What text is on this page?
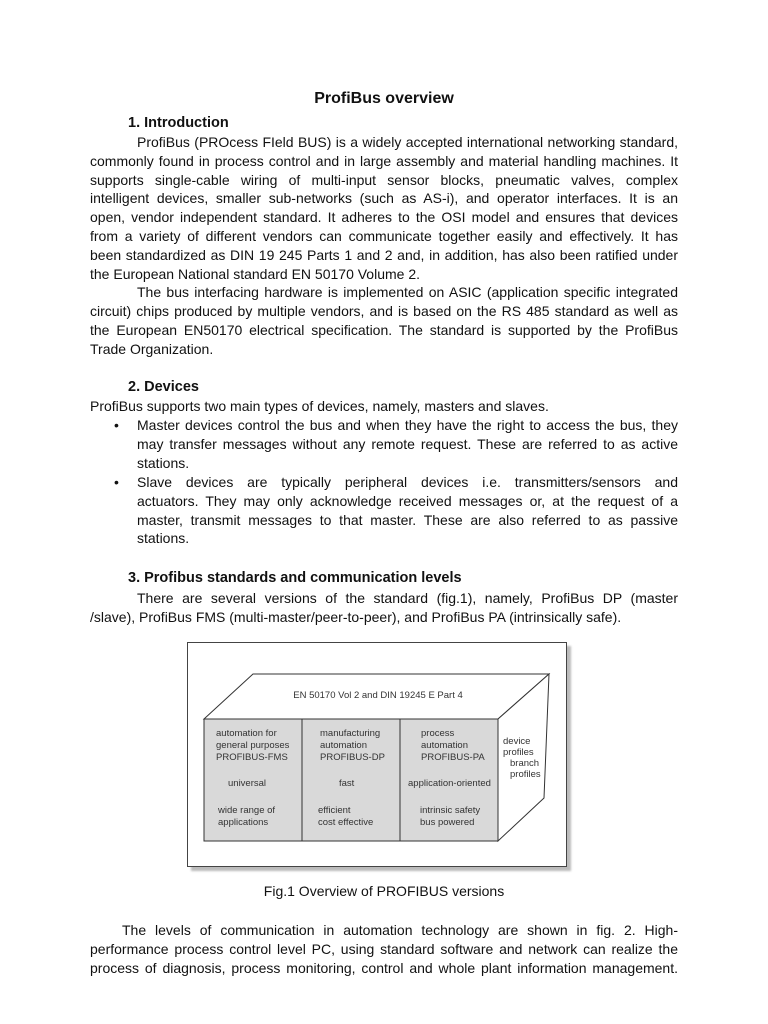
ProfiBus overview
1. Introduction
ProfiBus (PROcess FIeld BUS) is a widely accepted international networking standard,
commonly found in process control and in large assembly and material handling machines. It
supports single-cable wiring of multi-input sensor blocks, pneumatic valves, complex
intelligent devices, smaller sub-networks (such as AS-i), and operator interfaces. It is an
open, vendor independent standard. It adheres to the OSI model and ensures that devices
from a variety of different vendors can communicate together easily and effectively. It has
been standardized as DIN 19 245 Parts 1 and 2 and, in addition, has also been ratified under
the European National standard EN 50170 Volume 2.
The bus interfacing hardware is implemented on ASIC (application specific integrated
circuit) chips produced by multiple vendors, and is based on the RS 485 standard as well as
the European EN50170 electrical specification. The standard is supported by the ProfiBus
Trade Organization.
2. Devices
ProfiBus supports two main types of devices, namely, masters and slaves.
• Master devices control the bus and when they have the right to access the bus, they
may transfer messages without any remote request. These are referred to as active
stations.
• Slave devices are typically peripheral devices i.e. transmitters/sensors and
actuators. They may only acknowledge received messages or, at the request of a
master, transmit messages to that master. These are also referred to as passive
stations.
3. Profibus standards and communication levels
There are several versions of the standard (fig.1), namely, ProfiBus DP (master
/slave), ProfiBus FMS (multi-master/peer-to-peer), and ProfiBus PA (intrinsically safe).
EN 50170 Vol 2 and DIN 19245 E Part 4
automation for
general purposes
PROFIBUS-FMS
universal
wide range of
applications
manufacturing
automation
PROFIBUS-DP
fast
efficient
cost effective
process
automation
PROFIBUS-PA
application-oriented
intrinsic safety
bus powered
device
profiles
branch
profiles
Fig.1 Overview of PROFIBUS versions
The levels of communication in automation technology are shown in fig. 2. High-
performance process control level PC, using standard software and network can realize the
process of diagnosis, process monitoring, control and whole plant information management.
